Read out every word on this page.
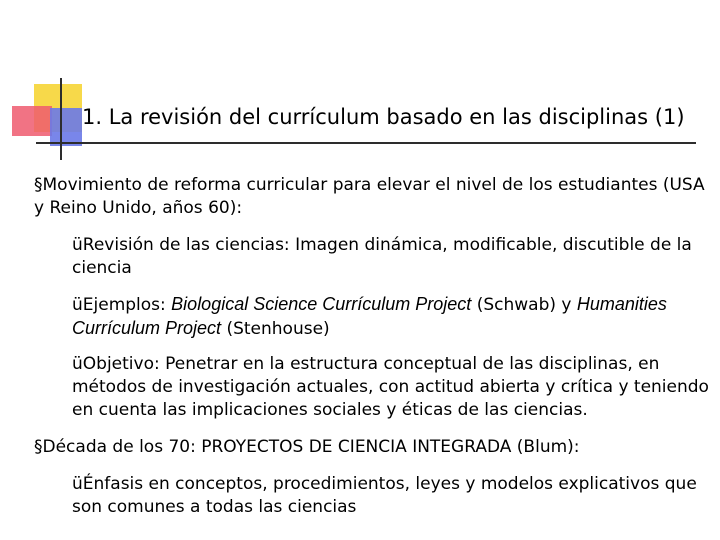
1. La revisión del currículum basado en las disciplinas (1)

§Movimiento de reforma curricular para elevar el nivel de los estudiantes (USA y Reino Unido, años 60):

üRevisión de las ciencias: Imagen dinámica, modificable, discutible de la ciencia

üEjemplos: Biological Science Currículum Project (Schwab) y Humanities Currículum Project (Stenhouse)

üObjetivo: Penetrar en la estructura conceptual de las disciplinas, en métodos de investigación actuales, con actitud abierta y crítica y teniendo en cuenta las implicaciones sociales y éticas de las ciencias.

§Década de los 70: PROYECTOS DE CIENCIA INTEGRADA (Blum):

üÉnfasis en conceptos, procedimientos, leyes y modelos explicativos que son comunes a todas las ciencias
